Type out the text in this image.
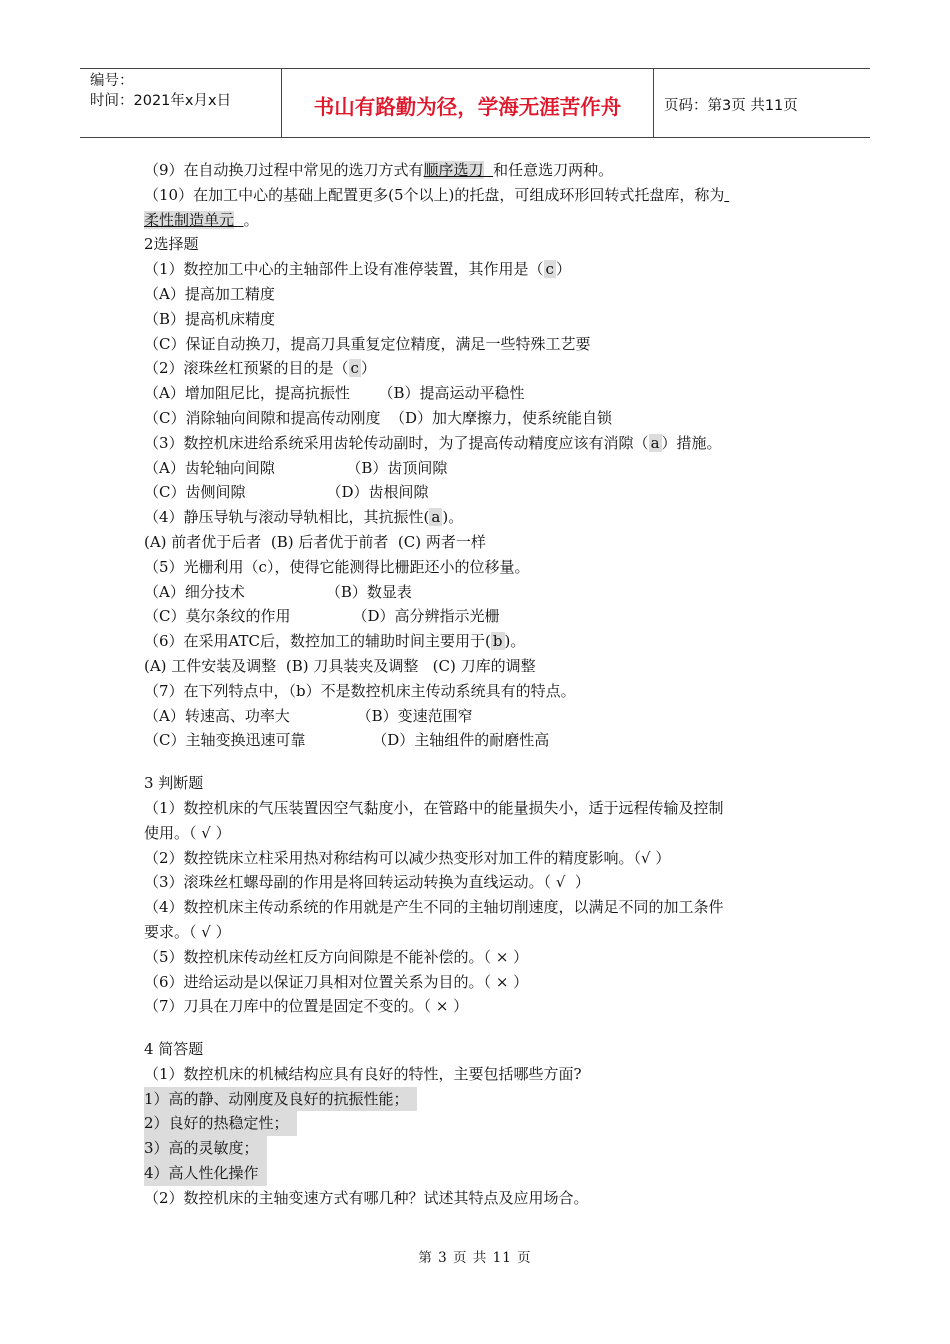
编号：
时间：2021年x月x日	书山有路勤为径，学海无涯苦作舟	页码：第3页 共11页
（9）在自动换刀过程中常见的选刀方式有顺序选刀 和任意选刀两种。
（10）在加工中心的基础上配置更多(5个以上)的托盘，可组成环形回转式托盘库，称为
柔性制造单元 。
2选择题
（1）数控加工中心的主轴部件上设有准停装置，其作用是（ c ）
（A）提高加工精度
（B）提高机床精度
（C）保证自动换刀，提高刀具重复定位精度，满足一些特殊工艺要
（2）滚珠丝杠预紧的目的是（ c ）
（A）增加阻尼比，提高抗振性      （B）提高运动平稳性
（C）消除轴向间隙和提高传动刚度  （D）加大摩擦力，使系统能自锁
（3）数控机床进给系统采用齿轮传动副时，为了提高传动精度应该有消隙（ a ）措施。
（A）齿轮轴向间隙               （B）齿顶间隙
（C）齿侧间隙                 （D）齿根间隙
（4）静压导轨与滚动导轨相比，其抗振性( a )。
(A) 前者优于后者  (B) 后者优于前者  (C) 两者一样
（5）光栅利用（c），使得它能测得比栅距还小的位移量。
（A）细分技术                 （B）数显表
（C）莫尔条纹的作用             （D）高分辨指示光栅
（6）在采用ATC后，数控加工的辅助时间主要用于( b )。
(A) 工件安装及调整  (B) 刀具装夹及调整   (C) 刀库的调整
（7）在下列特点中，（b）不是数控机床主传动系统具有的特点。
（A）转速高、功率大              （B）变速范围窄
（C）主轴变换迅速可靠              （D）主轴组件的耐磨性高
3 判断题
（1）数控机床的气压装置因空气黏度小，在管路中的能量损失小，适于远程传输及控制
使用。（ √ ）
（2）数控铣床立柱采用热对称结构可以减少热变形对加工件的精度影响。（√ ）
（3）滚珠丝杠螺母副的作用是将回转运动转换为直线运动。（ √  ）
（4）数控机床主传动系统的作用就是产生不同的主轴切削速度，以满足不同的加工条件
要求。（ √ ）
（5）数控机床传动丝杠反方向间隙是不能补偿的。（ × ）
（6）进给运动是以保证刀具相对位置关系为目的。（ × ）
（7）刀具在刀库中的位置是固定不变的。（ × ）
4 简答题
（1）数控机床的机械结构应具有良好的特性，主要包括哪些方面?
1）高的静、动刚度及良好的抗振性能；
2）良好的热稳定性；
3）高的灵敏度；
4）高人性化操作
（2）数控机床的主轴变速方式有哪几种？试述其特点及应用场合。
第 3 页 共 11 页
